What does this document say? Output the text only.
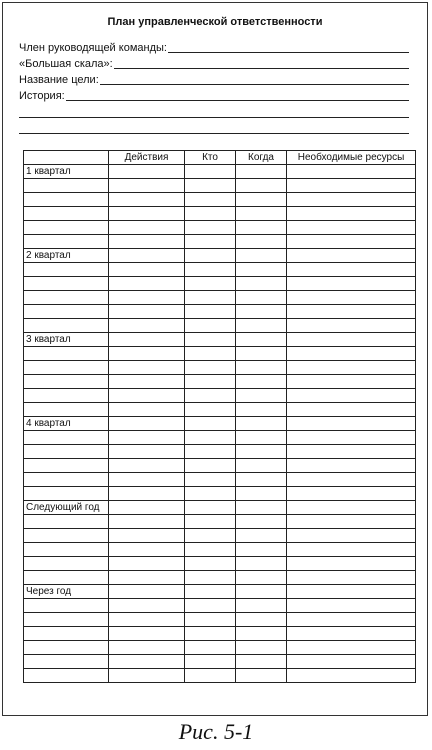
План управленческой ответственности
Член руководящей команды:
«Большая скала»:
Название цели:
История:
	Действия	Кто	Когда	Необходимые ресурсы
1 квартал				

2 квартал				

3 квартал				

4 квартал				

Следующий год				

Через год				

Рис. 5-1
